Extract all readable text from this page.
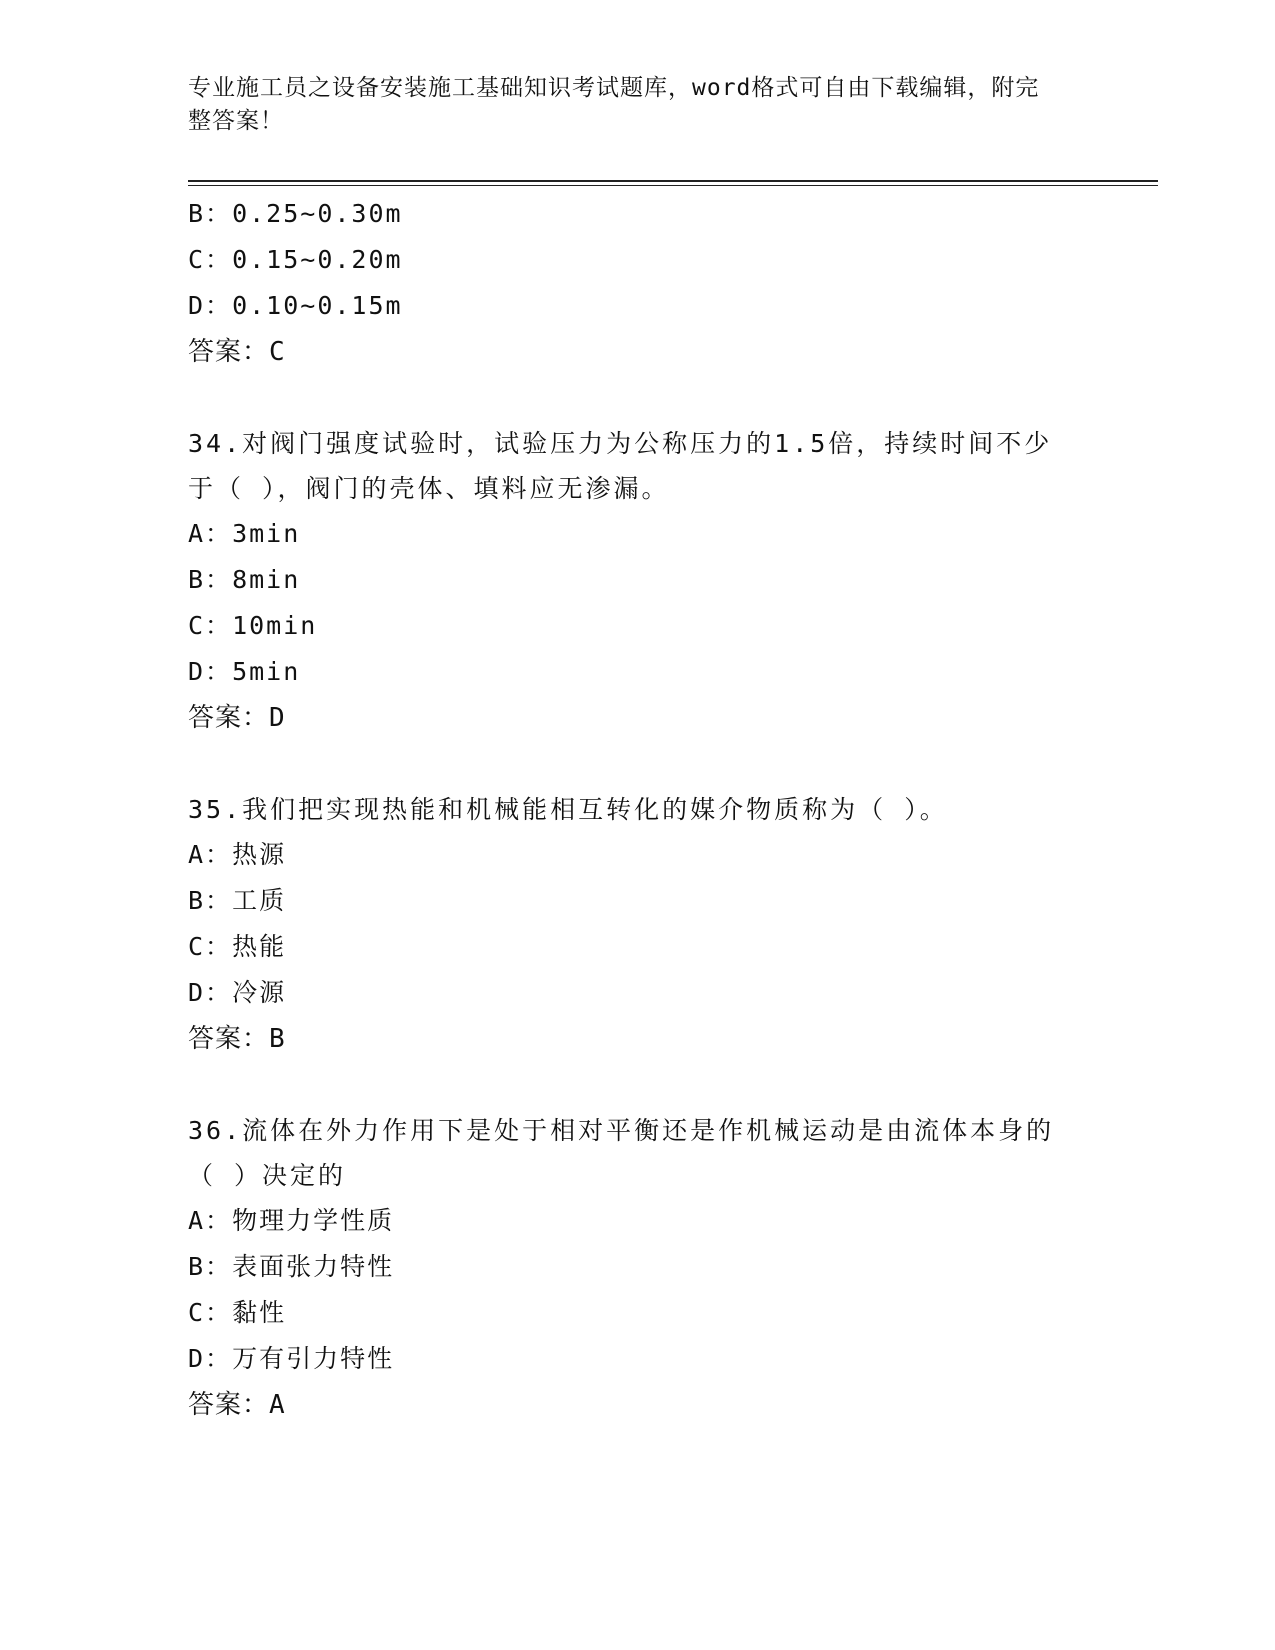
专业施工员之设备安装施工基础知识考试题库，word格式可自由下载编辑，附完
整答案！
B：0.25~0.30m
C：0.15~0.20m
D：0.10~0.15m
答案：C
34.对阀门强度试验时，试验压力为公称压力的1.5倍，持续时间不少
于（ ），阀门的壳体、填料应无渗漏。
A：3min
B：8min
C：10min
D：5min
答案：D
35.我们把实现热能和机械能相互转化的媒介物质称为（ ）。
A：热源
B：工质
C：热能
D：冷源
答案：B
36.流体在外力作用下是处于相对平衡还是作机械运动是由流体本身的
（ ）决定的
A：物理力学性质
B：表面张力特性
C：黏性
D：万有引力特性
答案：A
